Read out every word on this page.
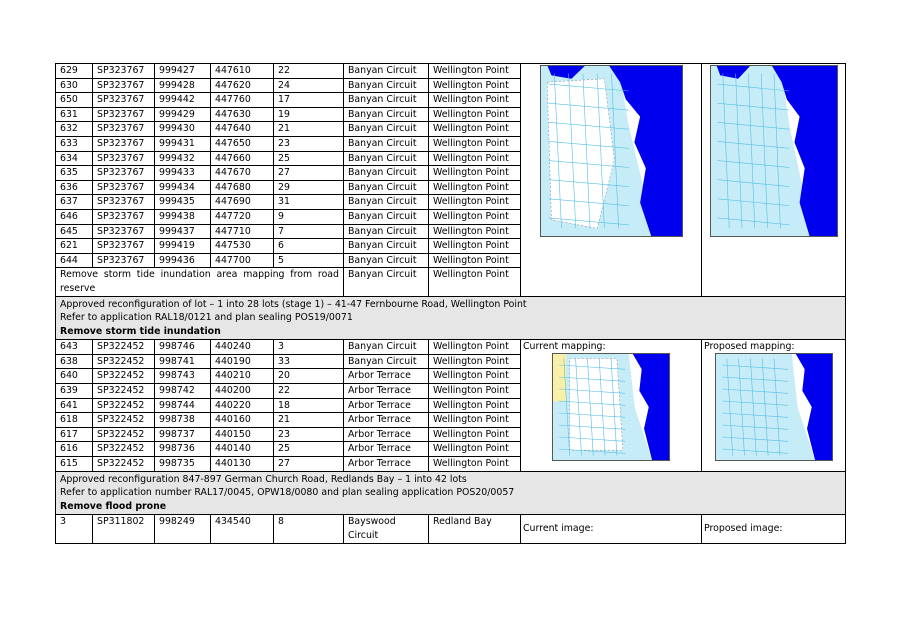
629	SP323767	999427	447610	22	Banyan Circuit	Wellington Point	

630	SP323767	999428	447620	24	Banyan Circuit	Wellington Point		
650	SP323767	999442	447760	17	Banyan Circuit	Wellington Point		
631	SP323767	999429	447630	19	Banyan Circuit	Wellington Point		
632	SP323767	999430	447640	21	Banyan Circuit	Wellington Point		
633	SP323767	999431	447650	23	Banyan Circuit	Wellington Point		
634	SP323767	999432	447660	25	Banyan Circuit	Wellington Point		
635	SP323767	999433	447670	27	Banyan Circuit	Wellington Point		
636	SP323767	999434	447680	29	Banyan Circuit	Wellington Point		
637	SP323767	999435	447690	31	Banyan Circuit	Wellington Point		
646	SP323767	999438	447720	9	Banyan Circuit	Wellington Point		
645	SP323767	999437	447710	7	Banyan Circuit	Wellington Point		
621	SP323767	999419	447530	6	Banyan Circuit	Wellington Point		
644	SP323767	999436	447700	5	Banyan Circuit	Wellington Point		
Remove storm tide inundation area mapping from road reserve					Banyan Circuit	Wellington Point		

Approved reconfiguration of lot – 1 into 28 lots (stage 1) – 41-47 Fernbourne Road, Wellington Point
Refer to application RAL18/0121 and plan sealing POS19/0071
Remove storm tide inundation								

643	SP322452	998746	440240	3	Banyan Circuit	Wellington Point	Current mapping:	Proposed mapping:

638	SP322452	998741	440190	33	Banyan Circuit	Wellington Point		
640	SP322452	998743	440210	20	Arbor Terrace	Wellington Point		
639	SP322452	998742	440200	22	Arbor Terrace	Wellington Point		
641	SP322452	998744	440220	18	Arbor Terrace	Wellington Point		
618	SP322452	998738	440160	21	Arbor Terrace	Wellington Point		
617	SP322452	998737	440150	23	Arbor Terrace	Wellington Point		
616	SP322452	998736	440140	25	Arbor Terrace	Wellington Point		
615	SP322452	998735	440130	27	Arbor Terrace	Wellington Point		

Approved reconfiguration 847-897 German Church Road, Redlands Bay – 1 into 42 lots
Refer to application number RAL17/0045, OPW18/0080 and plan sealing application POS20/0057
Remove flood prone								

3	SP311802	998249	434540	8	Bayswood Circuit	Redland Bay	Current image:	Proposed image:
